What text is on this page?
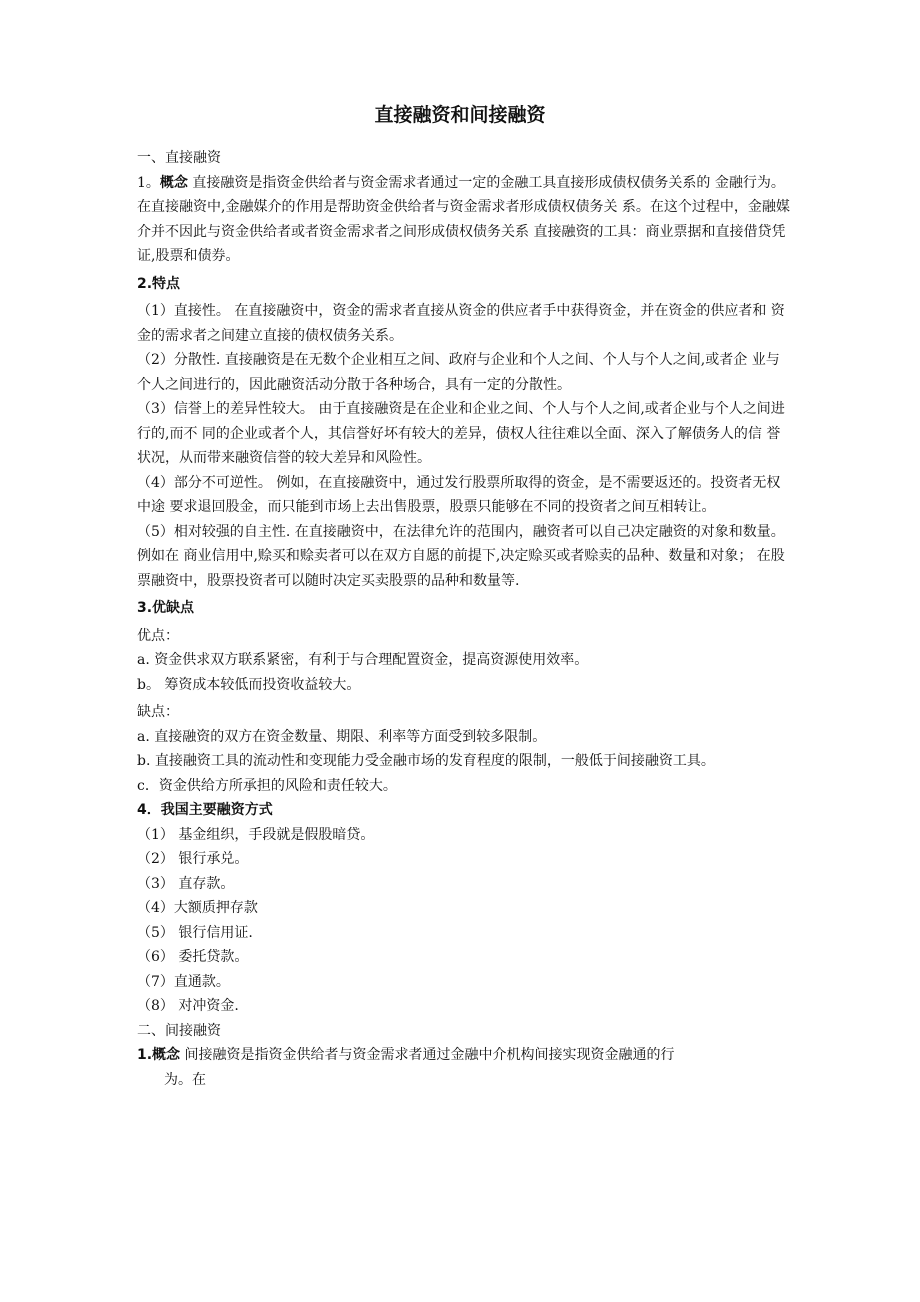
直接融资和间接融资

一、直接融资

1。概念 直接融资是指资金供给者与资金需求者通过一定的金融工具直接形成债权债务关系的 金融行为。在直接融资中,金融媒介的作用是帮助资金供给者与资金需求者形成债权债务关 系。在这个过程中，金融媒介并不因此与资金供给者或者资金需求者之间形成债权债务关系 直接融资的工具：商业票据和直接借贷凭证,股票和债券。

2.特点

（1）直接性。 在直接融资中，资金的需求者直接从资金的供应者手中获得资金，并在资金的供应者和 资金的需求者之间建立直接的债权债务关系。

（2）分散性. 直接融资是在无数个企业相互之间、政府与企业和个人之间、个人与个人之间,或者企 业与个人之间进行的，因此融资活动分散于各种场合，具有一定的分散性。

（3）信誉上的差异性较大。 由于直接融资是在企业和企业之间、个人与个人之间,或者企业与个人之间进行的,而不 同的企业或者个人，其信誉好坏有较大的差异，债权人往往难以全面、深入了解债务人的信 誉状况，从而带来融资信誉的较大差异和风险性。

（4）部分不可逆性。 例如，在直接融资中，通过发行股票所取得的资金，是不需要返还的。投资者无权中途 要求退回股金，而只能到市场上去出售股票，股票只能够在不同的投资者之间互相转让。

（5）相对较强的自主性. 在直接融资中，在法律允许的范围内，融资者可以自己决定融资的对象和数量。例如在 商业信用中,赊买和赊卖者可以在双方自愿的前提下,决定赊买或者赊卖的品种、数量和对象； 在股票融资中，股票投资者可以随时决定买卖股票的品种和数量等.

3.优缺点

优点：

a. 资金供求双方联系紧密，有利于与合理配置资金，提高资源使用效率。

b。 筹资成本较低而投资收益较大。

缺点：

a. 直接融资的双方在资金数量、期限、利率等方面受到较多限制。

b. 直接融资工具的流动性和变现能力受金融市场的发育程度的限制，一般低于间接融资工具。

c．资金供给方所承担的风险和责任较大。

4．我国主要融资方式

（1） 基金组织，手段就是假股暗贷。

（2） 银行承兑。

（3） 直存款。

（4）大额质押存款

（5） 银行信用证.

（6） 委托贷款。

（7）直通款。

（8） 对冲资金.

二、间接融资

1.概念 间接融资是指资金供给者与资金需求者通过金融中介机构间接实现资金融通的行

为。在
